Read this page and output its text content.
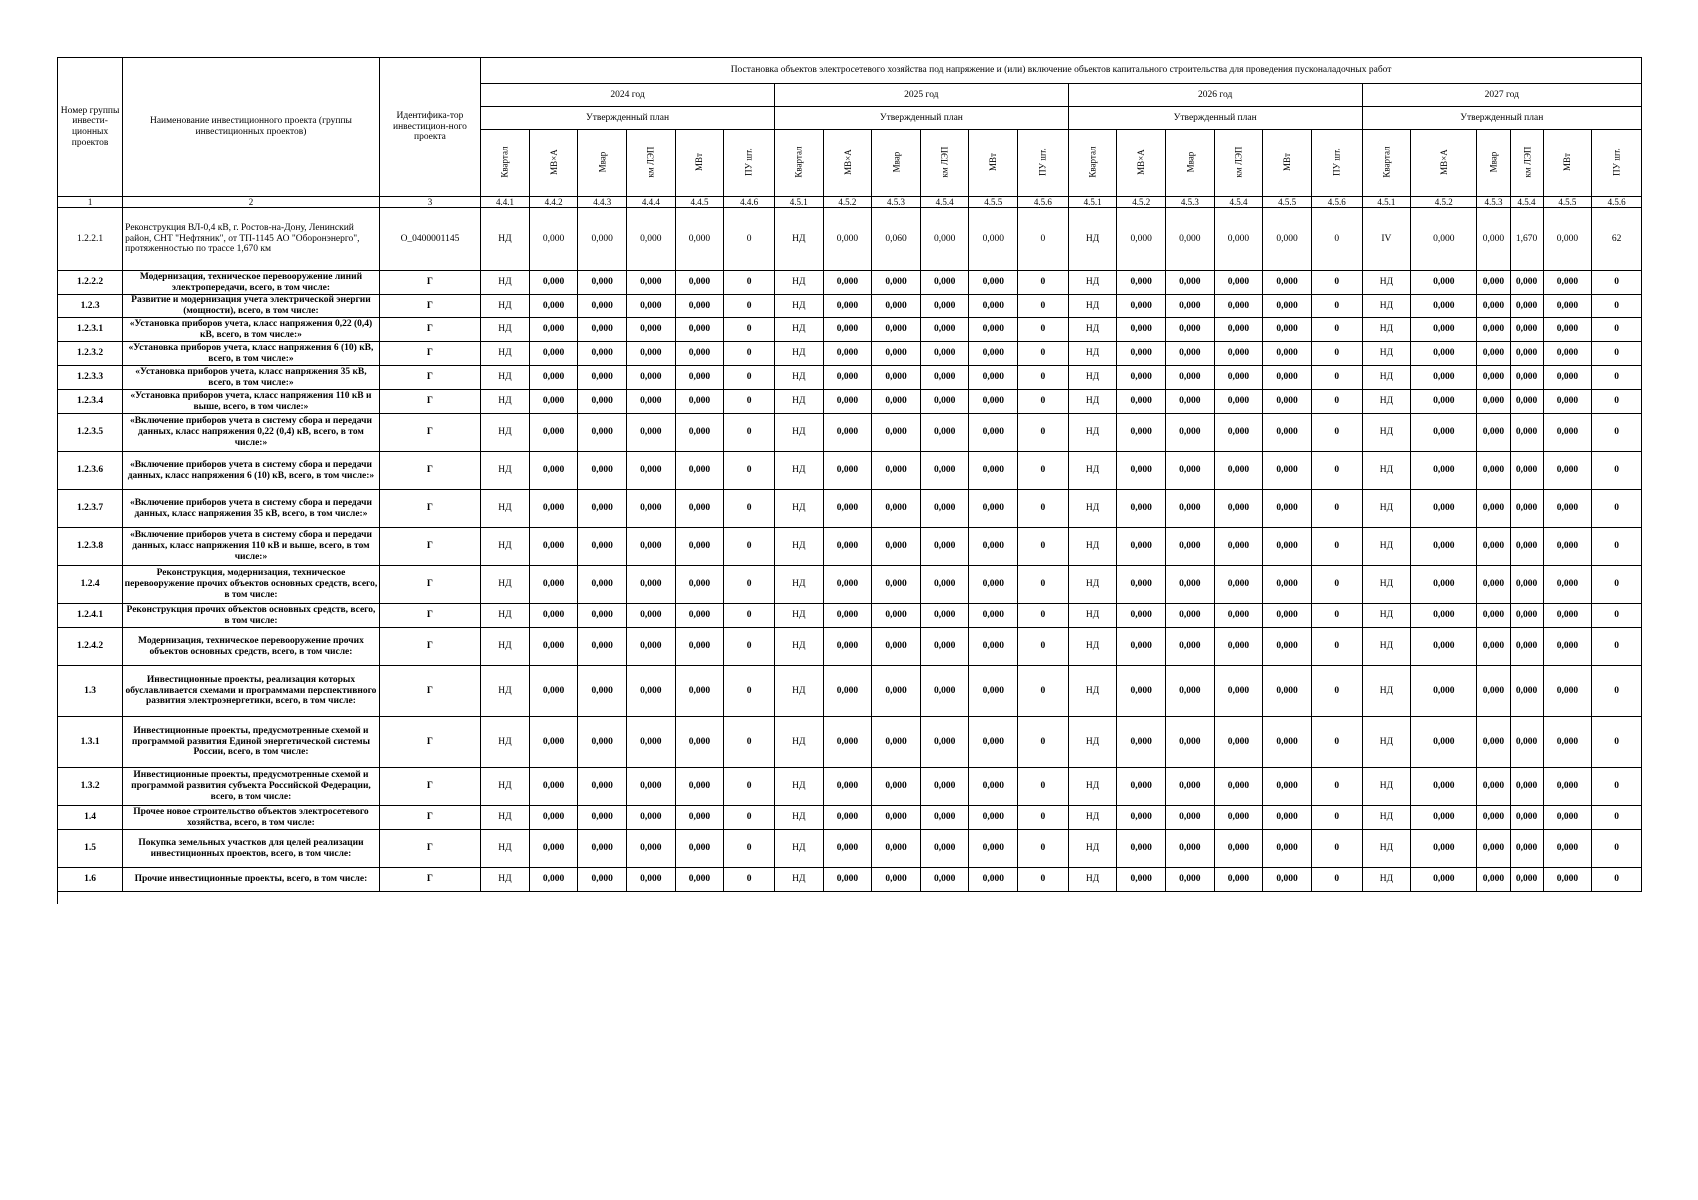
Номер группы инвести-ционных проектов	Наименование инвестиционного проекта (группы инвестиционных проектов)	Идентифика-тор инвестицион-ного проекта	Постановка объектов электросетевого хозяйства под напряжение и (или) включение объектов капитального строительства для проведения пусконаладочных работ																							
			2024 год						2025 год						2026 год						2027 год					
			Утвержденный план						Утвержденный план						Утвержденный план						Утвержденный план					
			Квартал	МВ×А	Мвар	км ЛЭП	МВт	ПУ шт.	Квартал	МВ×А	Мвар	км ЛЭП	МВт	ПУ шт.	Квартал	МВ×А	Мвар	км ЛЭП	МВт	ПУ шт.	Квартал	МВ×А	Мвар	км ЛЭП	МВт	ПУ шт.
1	2	3	4.4.1	4.4.2	4.4.3	4.4.4	4.4.5	4.4.6	4.5.1	4.5.2	4.5.3	4.5.4	4.5.5	4.5.6	4.5.1	4.5.2	4.5.3	4.5.4	4.5.5	4.5.6	4.5.1	4.5.2	4.5.3	4.5.4	4.5.5	4.5.6
1.2.2.1	Реконструкция ВЛ-0,4 кВ, г. Ростов-на-Дону, Ленинский район, СНТ "Нефтяник", от ТП-1145 АО "Оборонэнерго", протяженностью по трассе 1,670 км	О_0400001145	НД	0,000	0,000	0,000	0,000	0	НД	0,000	0,060	0,000	0,000	0	НД	0,000	0,000	0,000	0,000	0	IV	0,000	0,000	1,670	0,000	62
1.2.2.2	Модернизация, техническое перевооружение линий электропередачи, всего, в том числе:	Г	НД	0,000	0,000	0,000	0,000	0	НД	0,000	0,000	0,000	0,000	0	НД	0,000	0,000	0,000	0,000	0	НД	0,000	0,000	0,000	0,000	0
1.2.3	Развитие и модернизация учета электрической энергии (мощности), всего, в том числе:	Г	НД	0,000	0,000	0,000	0,000	0	НД	0,000	0,000	0,000	0,000	0	НД	0,000	0,000	0,000	0,000	0	НД	0,000	0,000	0,000	0,000	0
1.2.3.1	«Установка приборов учета, класс напряжения 0,22 (0,4) кВ, всего, в том числе:»	Г	НД	0,000	0,000	0,000	0,000	0	НД	0,000	0,000	0,000	0,000	0	НД	0,000	0,000	0,000	0,000	0	НД	0,000	0,000	0,000	0,000	0
1.2.3.2	«Установка приборов учета, класс напряжения 6 (10) кВ, всего, в том числе:»	Г	НД	0,000	0,000	0,000	0,000	0	НД	0,000	0,000	0,000	0,000	0	НД	0,000	0,000	0,000	0,000	0	НД	0,000	0,000	0,000	0,000	0
1.2.3.3	«Установка приборов учета, класс напряжения 35 кВ, всего, в том числе:»	Г	НД	0,000	0,000	0,000	0,000	0	НД	0,000	0,000	0,000	0,000	0	НД	0,000	0,000	0,000	0,000	0	НД	0,000	0,000	0,000	0,000	0
1.2.3.4	«Установка приборов учета, класс напряжения 110 кВ и выше, всего, в том числе:»	Г	НД	0,000	0,000	0,000	0,000	0	НД	0,000	0,000	0,000	0,000	0	НД	0,000	0,000	0,000	0,000	0	НД	0,000	0,000	0,000	0,000	0
1.2.3.5	«Включение приборов учета в систему сбора и передачи данных, класс напряжения 0,22 (0,4) кВ, всего, в том числе:»	Г	НД	0,000	0,000	0,000	0,000	0	НД	0,000	0,000	0,000	0,000	0	НД	0,000	0,000	0,000	0,000	0	НД	0,000	0,000	0,000	0,000	0
1.2.3.6	«Включение приборов учета в систему сбора и передачи данных, класс напряжения 6 (10) кВ, всего, в том числе:»	Г	НД	0,000	0,000	0,000	0,000	0	НД	0,000	0,000	0,000	0,000	0	НД	0,000	0,000	0,000	0,000	0	НД	0,000	0,000	0,000	0,000	0
1.2.3.7	«Включение приборов учета в систему сбора и передачи данных, класс напряжения 35 кВ, всего, в том числе:»	Г	НД	0,000	0,000	0,000	0,000	0	НД	0,000	0,000	0,000	0,000	0	НД	0,000	0,000	0,000	0,000	0	НД	0,000	0,000	0,000	0,000	0
1.2.3.8	«Включение приборов учета в систему сбора и передачи данных, класс напряжения 110 кВ и выше, всего, в том числе:»	Г	НД	0,000	0,000	0,000	0,000	0	НД	0,000	0,000	0,000	0,000	0	НД	0,000	0,000	0,000	0,000	0	НД	0,000	0,000	0,000	0,000	0
1.2.4	Реконструкция, модернизация, техническое перевооружение прочих объектов основных средств, всего, в том числе:	Г	НД	0,000	0,000	0,000	0,000	0	НД	0,000	0,000	0,000	0,000	0	НД	0,000	0,000	0,000	0,000	0	НД	0,000	0,000	0,000	0,000	0
1.2.4.1	Реконструкция прочих объектов основных средств, всего, в том числе:	Г	НД	0,000	0,000	0,000	0,000	0	НД	0,000	0,000	0,000	0,000	0	НД	0,000	0,000	0,000	0,000	0	НД	0,000	0,000	0,000	0,000	0
1.2.4.2	Модернизация, техническое перевооружение прочих объектов основных средств, всего, в том числе:	Г	НД	0,000	0,000	0,000	0,000	0	НД	0,000	0,000	0,000	0,000	0	НД	0,000	0,000	0,000	0,000	0	НД	0,000	0,000	0,000	0,000	0
1.3	Инвестиционные проекты, реализация которых обуславливается схемами и программами перспективного развития электроэнергетики, всего, в том числе:	Г	НД	0,000	0,000	0,000	0,000	0	НД	0,000	0,000	0,000	0,000	0	НД	0,000	0,000	0,000	0,000	0	НД	0,000	0,000	0,000	0,000	0
1.3.1	Инвестиционные проекты, предусмотренные схемой и программой развития Единой энергетической системы России, всего, в том числе:	Г	НД	0,000	0,000	0,000	0,000	0	НД	0,000	0,000	0,000	0,000	0	НД	0,000	0,000	0,000	0,000	0	НД	0,000	0,000	0,000	0,000	0
1.3.2	Инвестиционные проекты, предусмотренные схемой и программой развития субъекта Российской Федерации, всего, в том числе:	Г	НД	0,000	0,000	0,000	0,000	0	НД	0,000	0,000	0,000	0,000	0	НД	0,000	0,000	0,000	0,000	0	НД	0,000	0,000	0,000	0,000	0
1.4	Прочее новое строительство объектов электросетевого хозяйства, всего, в том числе:	Г	НД	0,000	0,000	0,000	0,000	0	НД	0,000	0,000	0,000	0,000	0	НД	0,000	0,000	0,000	0,000	0	НД	0,000	0,000	0,000	0,000	0
1.5	Покупка земельных участков для целей реализации инвестиционных проектов, всего, в том числе:	Г	НД	0,000	0,000	0,000	0,000	0	НД	0,000	0,000	0,000	0,000	0	НД	0,000	0,000	0,000	0,000	0	НД	0,000	0,000	0,000	0,000	0
1.6	Прочие инвестиционные проекты, всего, в том числе:	Г	НД	0,000	0,000	0,000	0,000	0	НД	0,000	0,000	0,000	0,000	0	НД	0,000	0,000	0,000	0,000	0	НД	0,000	0,000	0,000	0,000	0
